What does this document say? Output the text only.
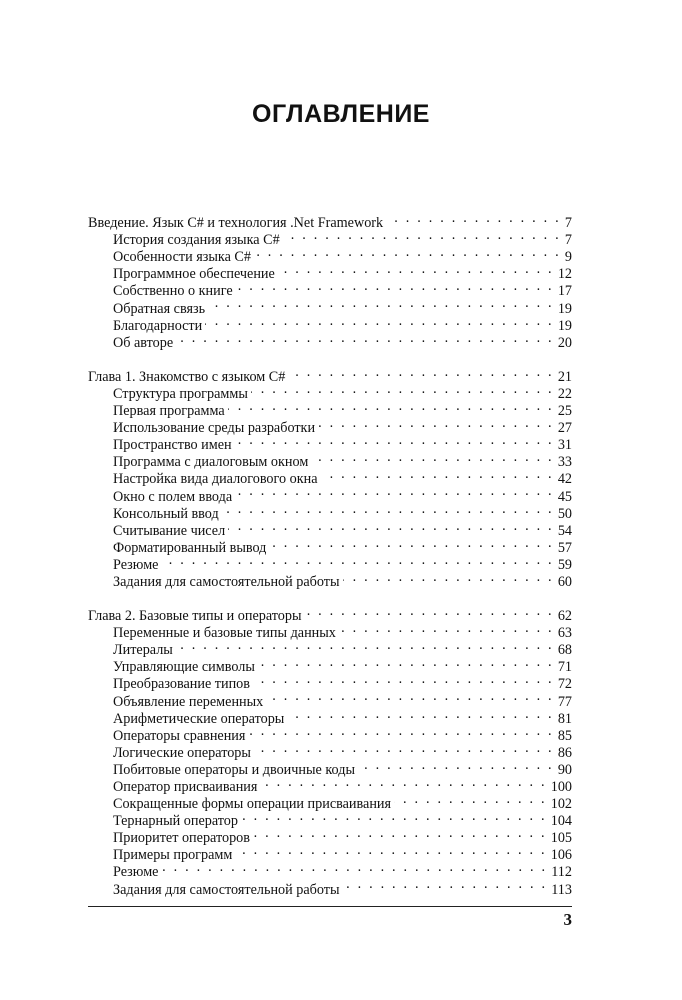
ОГЛАВЛЕНИЕ
Введение. Язык C# и технология .Net Framework . . .	7
История создания языка C# . . .	7
Особенности языка C# . . .	9
Программное обеспечение . . .	12
Собственно о книге . . .	17
Обратная связь . . .	19
Благодарности . . .	19
Об авторе . . .	20
Глава 1. Знакомство с языком C# . . .	21
Структура программы . . .	22
Первая программа . . .	25
Использование среды разработки . . .	27
Пространство имен . . .	31
Программа с диалоговым окном . . .	33
Настройка вида диалогового окна . . .	42
Окно с полем ввода . . .	45
Консольный ввод . . .	50
Считывание чисел . . .	54
Форматированный вывод . . .	57
Резюме . . .	59
Задания для самостоятельной работы . . .	60
Глава 2. Базовые типы и операторы . . .	62
Переменные и базовые типы данных . . .	63
Литералы . . .	68
Управляющие символы . . .	71
Преобразование типов . . .	72
Объявление переменных . . .	77
Арифметические операторы . . .	81
Операторы сравнения . . .	85
Логические операторы . . .	86
Побитовые операторы и двоичные коды . . .	90
Оператор присваивания . . .	100
Сокращенные формы операции присваивания . . .	102
Тернарный оператор . . .	104
Приоритет операторов . . .	105
Примеры программ . . .	106
Резюме . . .	112
Задания для самостоятельной работы . . .	113
3
